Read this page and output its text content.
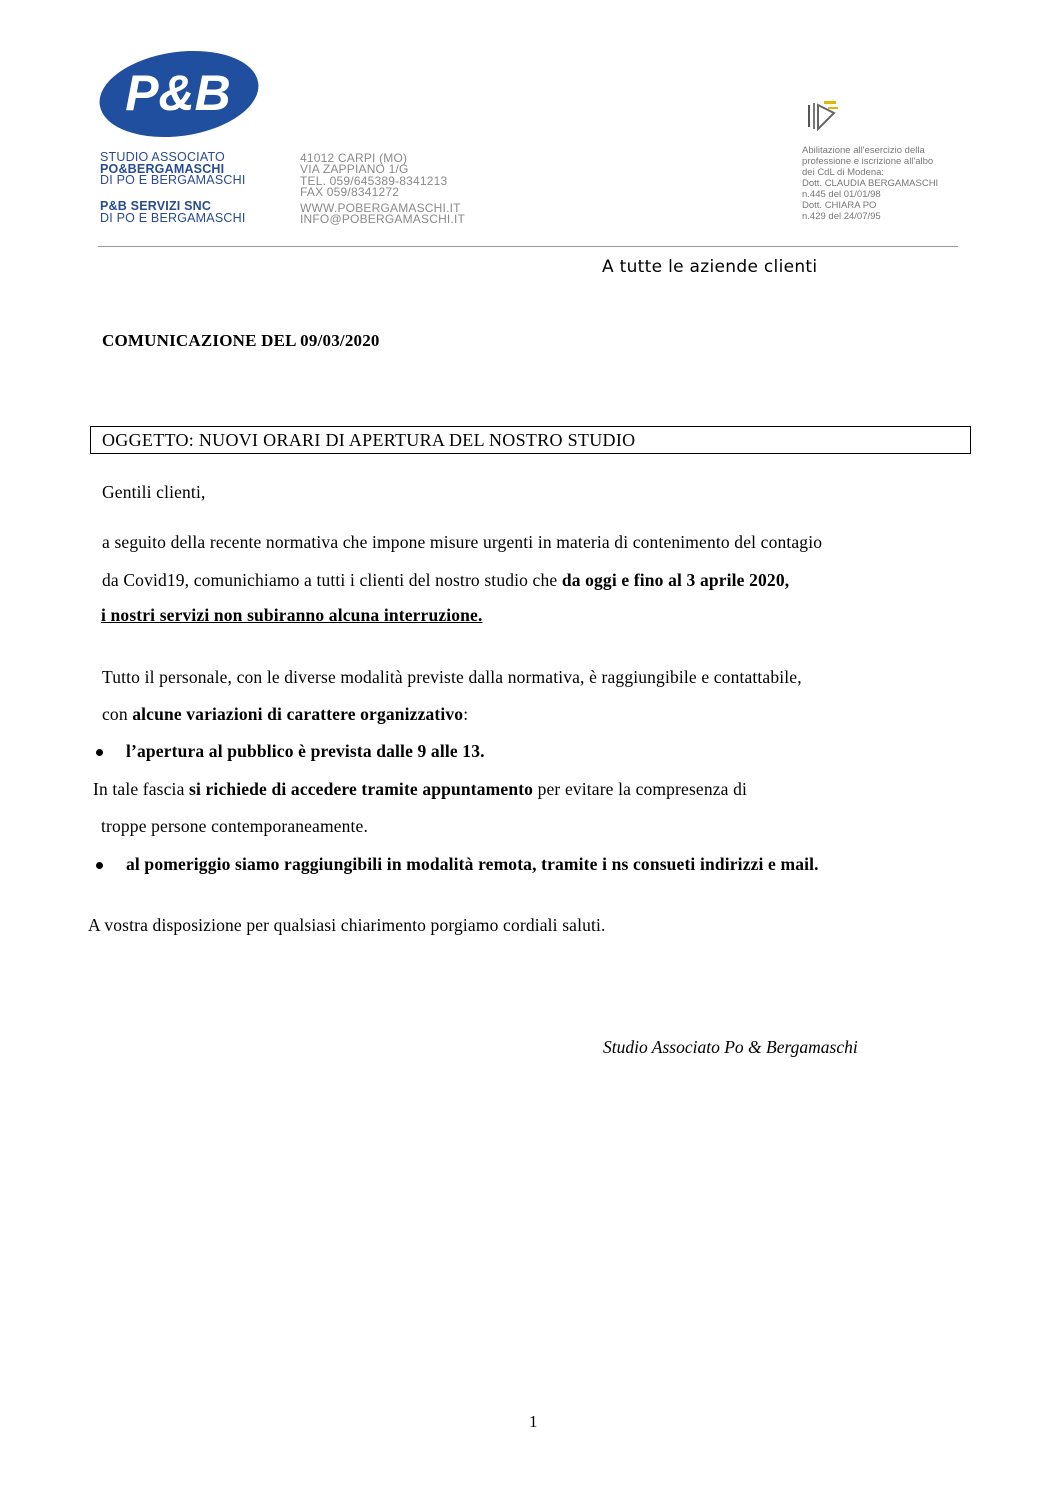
P&B
STUDIO ASSOCIATO
PO&BERGAMASCHI
DI PO E BERGAMASCHI
P&B SERVIZI SNC
DI PO E BERGAMASCHI
41012 CARPI (MO)
VIA ZAPPIANO 1/G
TEL. 059/645389-8341213
FAX 059/8341272
WWW.POBERGAMASCHI.IT
INFO@POBERGAMASCHI.IT
Abilitazione all'esercizio della
professione e iscrizione all'albo
dei CdL di Modena:
Dott. CLAUDIA BERGAMASCHI
n.445 del 01/01/98
Dott. CHIARA PO
n.429 del 24/07/95
A tutte le aziende clienti
COMUNICAZIONE DEL 09/03/2020
OGGETTO: NUOVI ORARI DI APERTURA DEL NOSTRO STUDIO
Gentili clienti,
a seguito della recente normativa che impone misure urgenti in materia di contenimento del contagio
da Covid19, comunichiamo a tutti i clienti del nostro studio che da oggi e fino al 3 aprile 2020,
i nostri servizi non subiranno alcuna interruzione.
Tutto il personale, con le diverse modalità previste dalla normativa, è raggiungibile e contattabile,
con alcune variazioni di carattere organizzativo:
l’apertura al pubblico è prevista dalle 9 alle 13.
In tale fascia si richiede di accedere tramite appuntamento per evitare la compresenza di
troppe persone contemporaneamente.
al pomeriggio siamo raggiungibili in modalità remota, tramite i ns consueti indirizzi e mail.
A vostra disposizione per qualsiasi chiarimento porgiamo cordiali saluti.
Studio Associato Po & Bergamaschi
1
